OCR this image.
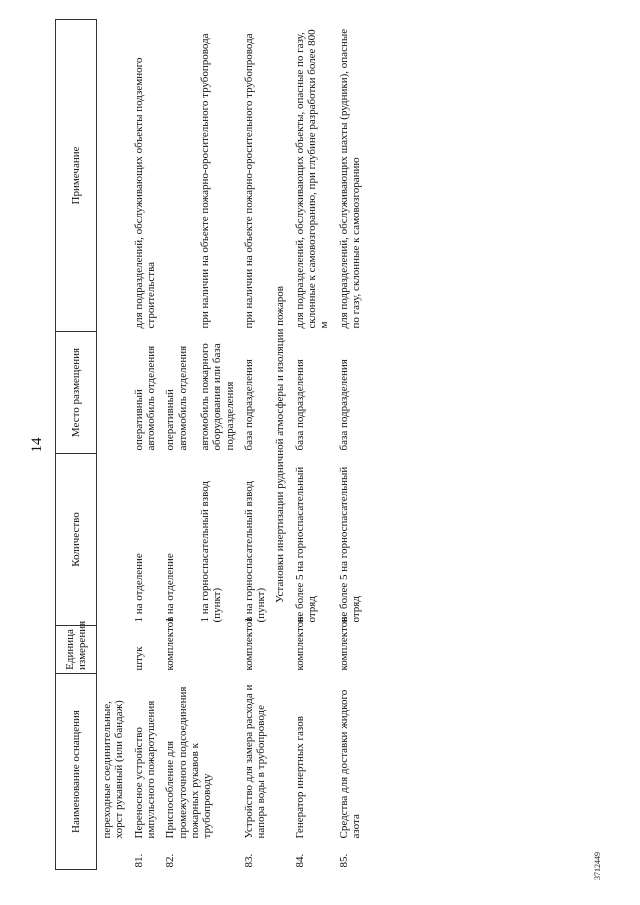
14
Наименование оснащения		Единица измерения	Количество	Место размещения	Примечание
	переходные соединительные, хорст рукавный (или бандаж)				
81.	Переносное устройство импульсного пожаротушения	штук	1 на отделение	оперативный автомобиль отделения	для подразделений, обслуживающих объекты подземного строительства
82.	Приспособление для промежуточного подсоединения пожарных рукавов к трубопроводу	комплектов	1 на отделение	оперативный автомобиль отделения	
			1 на горноспасательный взвод (пункт)	автомобиль пожарного оборудования или база подразделения	при наличии на объекте пожарно-оросительного трубопровода
83.	Устройство для замера расхода и напора воды в трубопроводе	комплектов	1 на горноспасательный взвод (пункт)	база подразделения	при наличии на объекте пожарно-оросительного трубопровода
Установки инертизации рудничной атмосферы и изоляции пожаров					
84.	Генератор инертных газов	комплектов	не более 5 на горноспасательный отряд	база подразделения	для подразделений, обслуживающих объекты, опасные по газу, склонные к самовозгоранию, при глубине разработки более 800 м
85.	Средства для доставки жидкого азота	комплектов	не более 5 на горноспасательный отряд	база подразделения	для подразделений, обслуживающих шахты (рудники), опасные по газу, склонные к самовозгоранию
3712449
